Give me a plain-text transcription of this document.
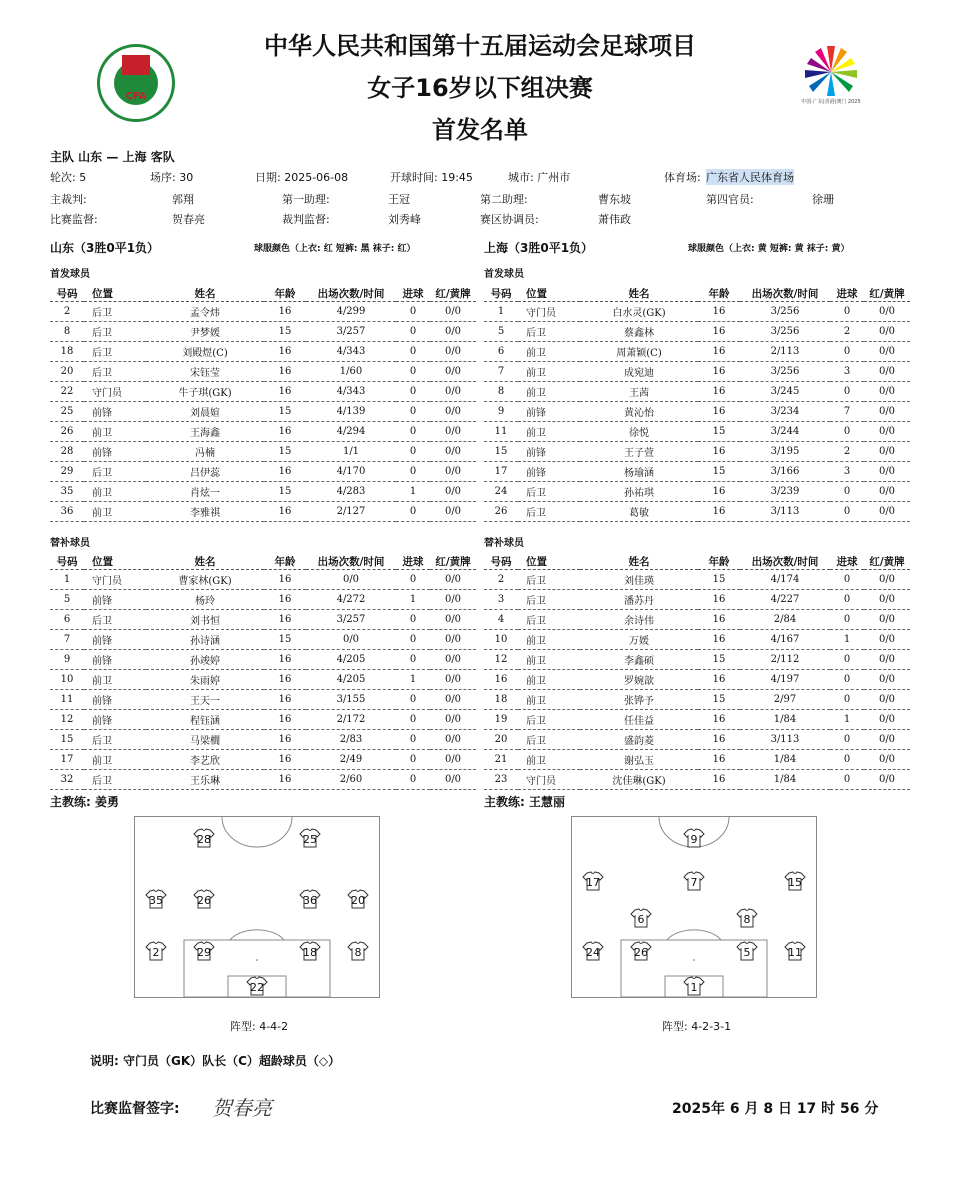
CFA	中国·广东|香港|澳门 2025
中华人民共和国第十五届运动会足球项目
女子16岁以下组决赛
首发名单
主队 山东 — 上海 客队
轮次: 5	场序: 30	日期: 2025-06-08	开球时间: 19:45	城市: 广州市	体育场: 广东省人民体育场
主裁判:	郭翔	第一助理:	王冠	第二助理:	曹东坡	第四官员:	徐珊
比赛监督:	贺春亮	裁判监督:	刘秀峰	赛区协调员:	萧伟政
山东（3胜0平1负）	球服颜色（上衣: 红 短裤: 黑 袜子: 红）	上海（3胜0平1负）	球服颜色（上衣: 黄 短裤: 黄 袜子: 黄）
首发球员	首发球员
号码	位置	姓名	年龄	出场次数/时间	进球	红/黄牌
2	后卫	孟令炜	16	4/299	0	0/0
8	后卫	尹梦媛	15	3/257	0	0/0
18	后卫	刘殿煜(C)	16	4/343	0	0/0
20	后卫	宋钰莹	16	1/60	0	0/0
22	守门员	牛子琪(GK)	16	4/343	0	0/0
25	前锋	刘晨媗	15	4/139	0	0/0
26	前卫	王海鑫	16	4/294	0	0/0
28	前锋	冯楠	15	1/1	0	0/0
29	后卫	吕伊蕊	16	4/170	0	0/0
35	前卫	肖炫一	15	4/283	1	0/0
36	前卫	李雅祺	16	2/127	0	0/0
号码	位置	姓名	年龄	出场次数/时间	进球	红/黄牌
1	守门员	白水灵(GK)	16	3/256	0	0/0
5	后卫	蔡鑫林	16	3/256	2	0/0
6	前卫	周萧颖(C)	16	2/113	0	0/0
7	前卫	成宛迪	16	3/256	3	0/0
8	前卫	王茜	16	3/245	0	0/0
9	前锋	黄沁怡	16	3/234	7	0/0
11	前卫	徐悦	15	3/244	0	0/0
15	前锋	王子萱	16	3/195	2	0/0
17	前锋	杨瑜涵	15	3/166	3	0/0
24	后卫	孙祐琪	16	3/239	0	0/0
26	后卫	葛敏	16	3/113	0	0/0
替补球员	替补球员
号码	位置	姓名	年龄	出场次数/时间	进球	红/黄牌
1	守门员	曹家林(GK)	16	0/0	0	0/0
5	前锋	杨玲	16	4/272	1	0/0
6	后卫	刘书恒	16	3/257	0	0/0
7	前锋	孙诗涵	15	0/0	0	0/0
9	前锋	孙竣婷	16	4/205	0	0/0
10	前卫	朱雨婷	16	4/205	1	0/0
11	前锋	王天一	16	3/155	0	0/0
12	前锋	程钰涵	16	2/172	0	0/0
15	后卫	马梁櫚	16	2/83	0	0/0
17	前卫	李艺欣	16	2/49	0	0/0
32	后卫	王乐琳	16	2/60	0	0/0
号码	位置	姓名	年龄	出场次数/时间	进球	红/黄牌
2	后卫	刘佳瑛	15	4/174	0	0/0
3	后卫	潘苏丹	16	4/227	0	0/0
4	后卫	余诗伟	16	2/84	0	0/0
10	前卫	万媛	16	4/167	1	0/0
12	前卫	李鑫硕	15	2/112	0	0/0
16	前卫	罗婉歆	16	4/197	0	0/0
18	前卫	张铧予	15	2/97	0	0/0
19	后卫	任佳益	16	1/84	1	0/0
20	后卫	盛韵菱	16	3/113	0	0/0
21	前卫	谢弘玉	16	1/84	0	0/0
23	守门员	沈佳琳(GK)	16	1/84	0	0/0
主教练: 姜勇	主教练: 王慧丽
28	25
35	26	36	20
2	29	18	8
22
9
17	7	15
6	8
24	26	5	11
1
阵型: 4-4-2	阵型: 4-2-3-1
说明: 守门员（GK）队长（C）超龄球员（◇）
比赛监督签字: 贺春亮	2025年 6 月 8 日 17 时 56 分
